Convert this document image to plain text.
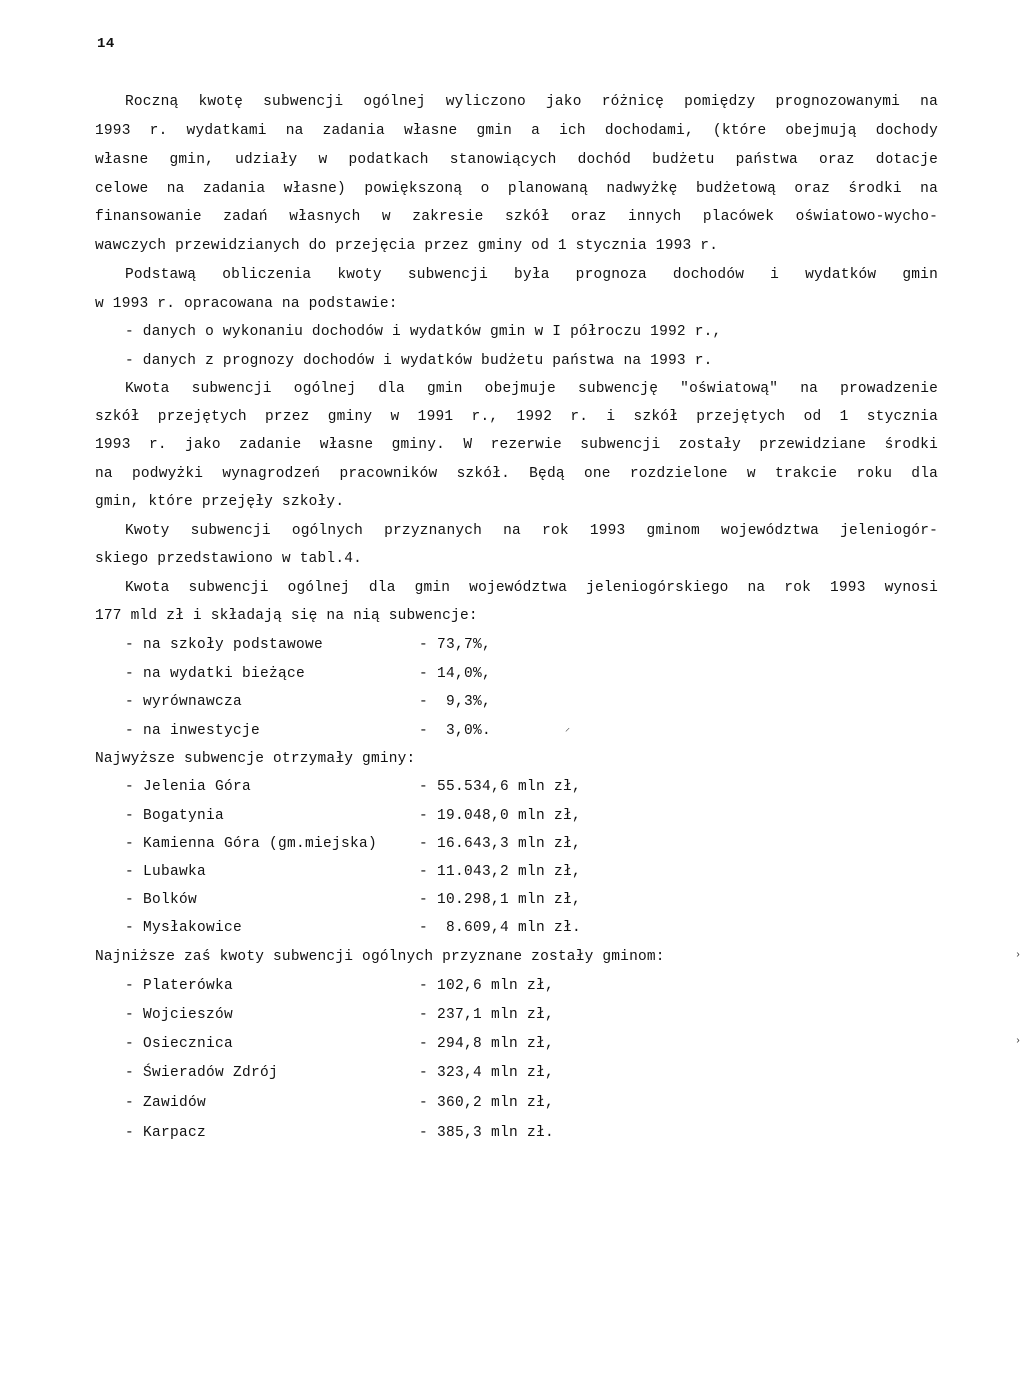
14
Roczną kwotę subwencji ogólnej wyliczono jako różnicę pomiędzy prognozowanymi na
1993 r. wydatkami na zadania własne gmin a ich dochodami, (które obejmują dochody
własne gmin, udziały w podatkach stanowiących dochód budżetu państwa oraz dotacje
celowe na zadania własne) powiększoną o planowaną nadwyżkę budżetową oraz środki na
finansowanie zadań własnych w zakresie szkół oraz innych placówek oświatowo-wycho-
wawczych przewidzianych do przejęcia przez gminy od 1 stycznia 1993 r.
Podstawą obliczenia kwoty subwencji była prognoza dochodów i wydatków gmin
w 1993 r. opracowana na podstawie:
- danych o wykonaniu dochodów i wydatków gmin w I półroczu 1992 r.,
- danych z prognozy dochodów i wydatków budżetu państwa na 1993 r.
Kwota subwencji ogólnej dla gmin obejmuje subwencję "oświatową" na prowadzenie
szkół przejętych przez gminy w 1991 r., 1992 r. i szkół przejętych od 1 stycznia
1993 r. jako zadanie własne gminy. W rezerwie subwencji zostały przewidziane środki
na podwyżki wynagrodzeń pracowników szkół. Będą one rozdzielone w trakcie roku dla
gmin, które przejęły szkoły.
Kwoty subwencji ogólnych przyznanych na rok 1993 gminom województwa jeleniogór-
skiego przedstawiono w tabl.4.
Kwota subwencji ogólnej dla gmin województwa jeleniogórskiego na rok 1993 wynosi
177 mld zł i składają się na nią subwencje:
- na szkoły podstawowe	- 73,7%,
- na wydatki bieżące	- 14,0%,
- wyrównawcza	-  9,3%,
- na inwestycje	-  3,0%.
Najwyższe subwencje otrzymały gminy:
- Jelenia Góra	- 55.534,6 mln zł,
- Bogatynia	- 19.048,0 mln zł,
- Kamienna Góra (gm.miejska)	- 16.643,3 mln zł,
- Lubawka	- 11.043,2 mln zł,
- Bolków	- 10.298,1 mln zł,
- Mysłakowice	-  8.609,4 mln zł.
Najniższe zaś kwoty subwencji ogólnych przyznane zostały gminom:
- Platerówka	- 102,6 mln zł,
- Wojcieszów	- 237,1 mln zł,
- Osiecznica	- 294,8 mln zł,
- Świeradów Zdrój	- 323,4 mln zł,
- Zawidów	- 360,2 mln zł,
- Karpacz	- 385,3 mln zł.
⸍
›
›
